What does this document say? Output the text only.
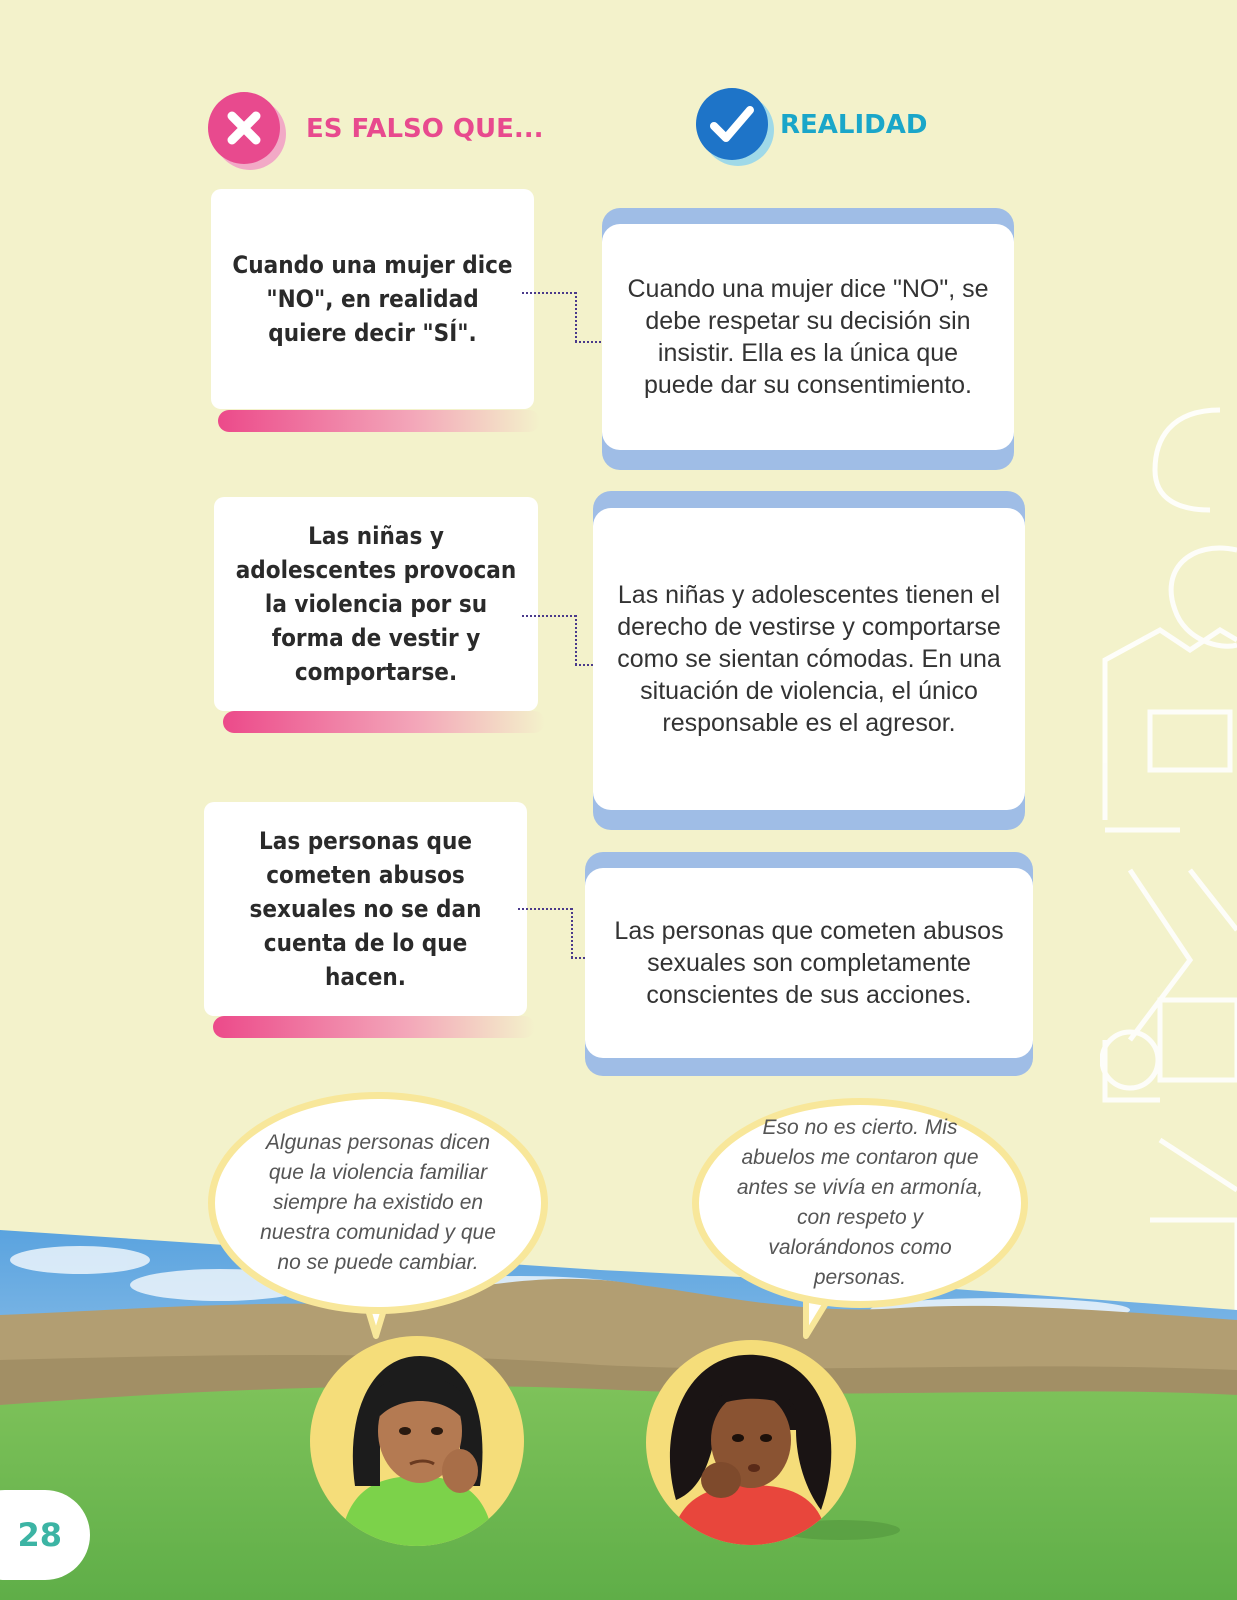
ES FALSO QUE...	REALIDAD
Cuando una mujer dice "NO", en realidad quiere decir "SÍ".
Cuando una mujer dice "NO", se debe respetar su decisión sin insistir. Ella es la única que puede dar su consentimiento.
Las niñas y adolescentes provocan la violencia por su forma de vestir y comportarse.
Las niñas y adolescentes tienen el derecho de vestirse y comportarse como se sientan cómodas. En una situación de violencia, el único responsable es el agresor.
Las personas que cometen abusos sexuales no se dan cuenta de lo que hacen.
Las personas que cometen abusos sexuales son completamente conscientes de sus acciones.
Algunas personas dicen que la violencia familiar siempre ha existido en nuestra comunidad y que no se puede cambiar.
Eso no es cierto. Mis abuelos me contaron que antes se vivía en armonía, con respeto y valorándonos como personas.
28
